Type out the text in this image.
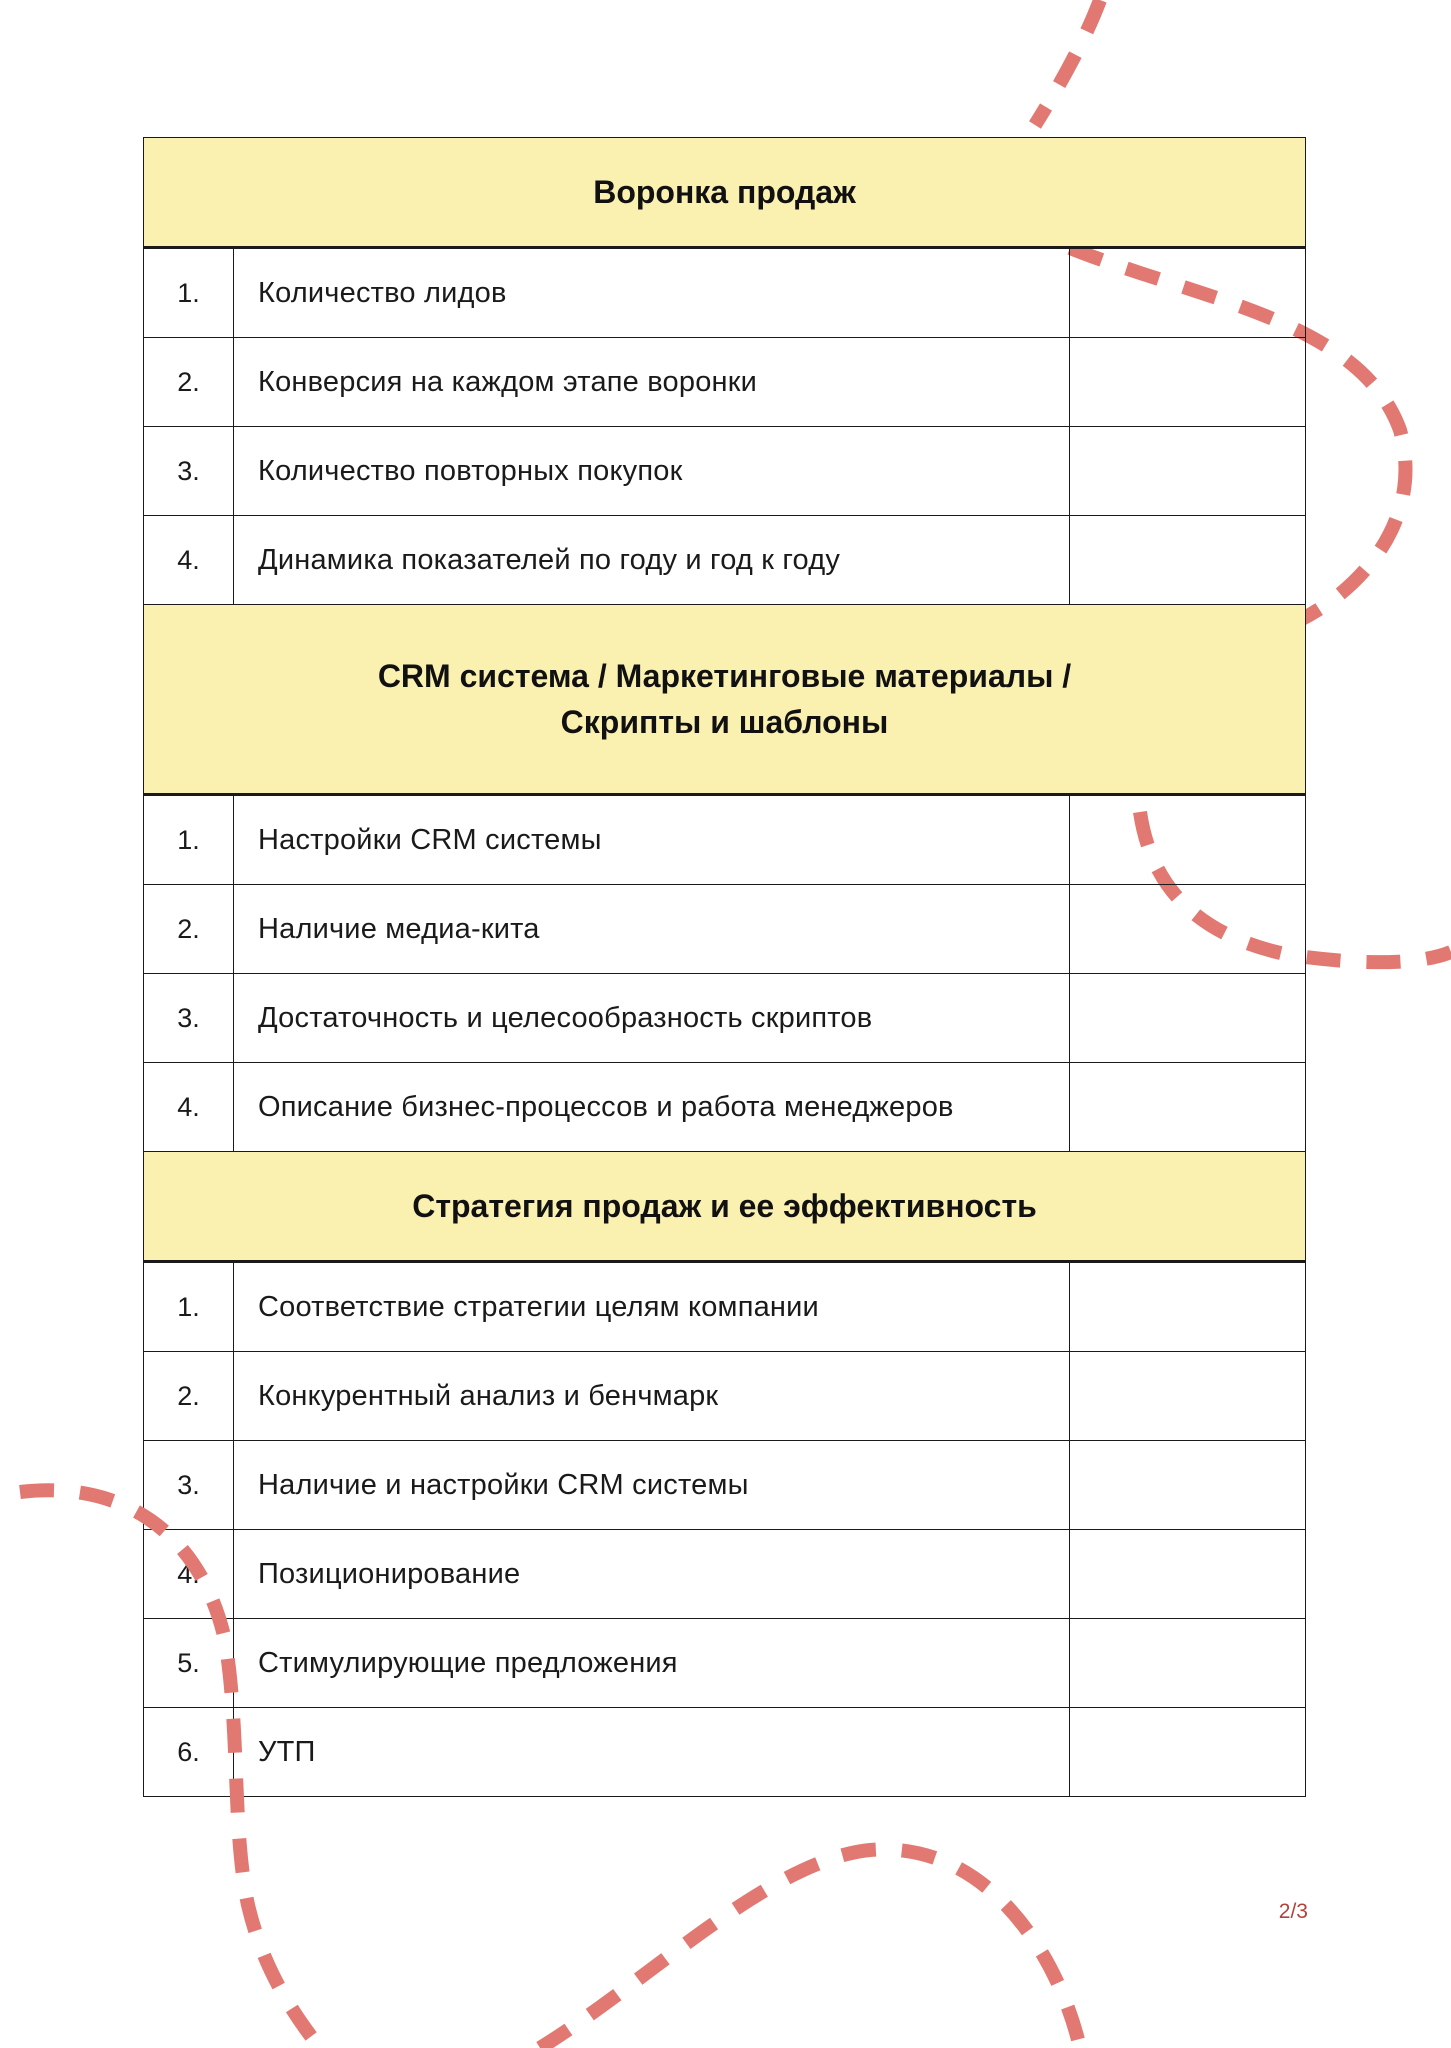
Воронка продаж		
1.	Количество лидов	
2.	Конверсия на каждом этапе воронки	
3.	Количество повторных покупок	
4.	Динамика показателей по году и год к году	
CRM система / Маркетинговые материалы /
Скрипты и шаблоны		
1.	Настройки CRM системы	
2.	Наличие медиа-кита	
3.	Достаточность и целесообразность скриптов	
4.	Описание бизнес-процессов и работа менеджеров	
Стратегия продаж и ее эффективность		
1.	Соответствие стратегии целям компании	
2.	Конкурентный анализ и бенчмарк	
3.	Наличие и настройки CRM системы	
4.	Позиционирование	
5.	Стимулирующие предложения	
6.	УТП	
2/3
